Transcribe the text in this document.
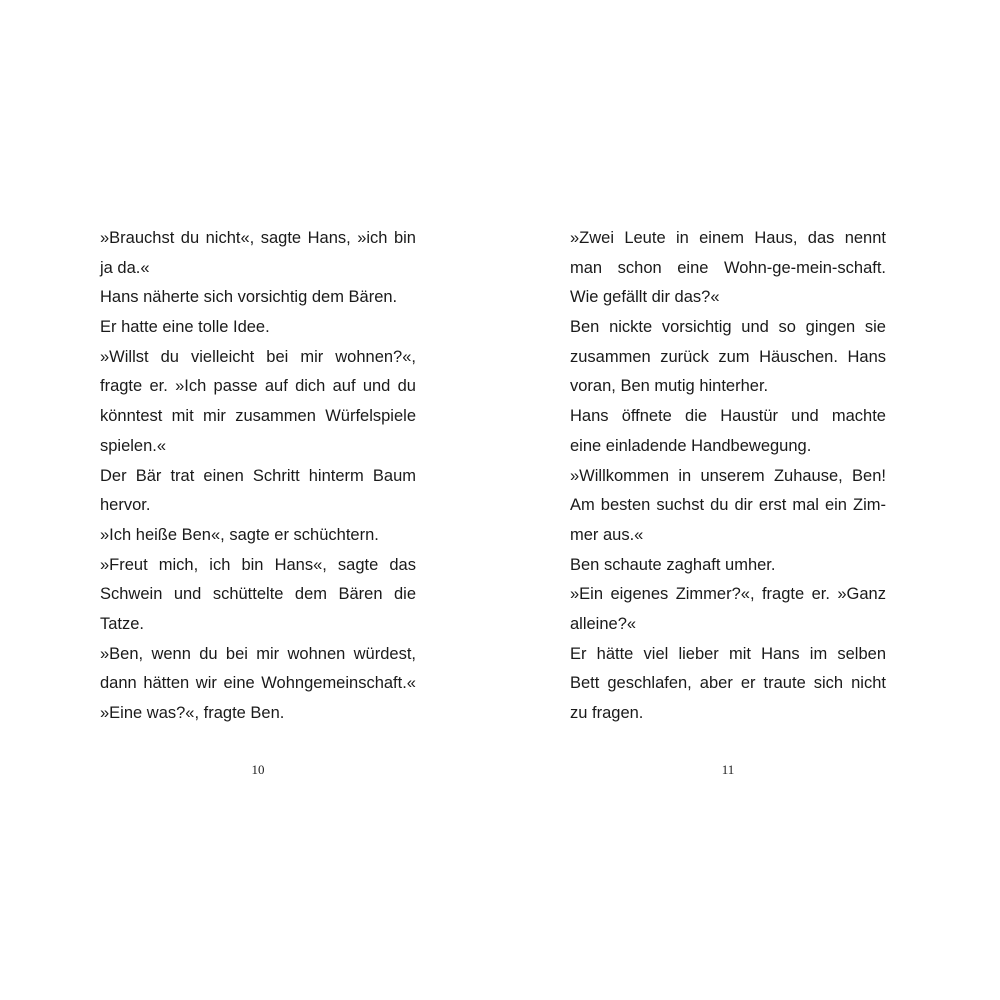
»Brauchst du nicht«, sagte Hans, »ich bin
ja da.«
Hans näherte sich vorsichtig dem Bären.
Er hatte eine tolle Idee.
»Willst du vielleicht bei mir wohnen?«,
fragte er. »Ich passe auf dich auf und du
könntest mit mir zusammen Würfelspiele
spielen.«
Der Bär trat einen Schritt hinterm Baum
hervor.
»Ich heiße Ben«, sagte er schüchtern.
»Freut mich, ich bin Hans«, sagte das
Schwein und schüttelte dem Bären die
Tatze.
»Ben, wenn du bei mir wohnen würdest,
dann hätten wir eine Wohngemeinschaft.«
»Eine was?«, fragte Ben.
»Zwei Leute in einem Haus, das nennt
man schon eine Wohn-ge-mein-schaft.
Wie gefällt dir das?«
Ben nickte vorsichtig und so gingen sie
zusammen zurück zum Häuschen. Hans
voran, Ben mutig hinterher.
Hans öffnete die Haustür und machte
eine einladende Handbewegung.
»Willkommen in unserem Zuhause, Ben!
Am besten suchst du dir erst mal ein Zim-
mer aus.«
Ben schaute zaghaft umher.
»Ein eigenes Zimmer?«, fragte er. »Ganz
alleine?«
Er hätte viel lieber mit Hans im selben
Bett geschlafen, aber er traute sich nicht
zu fragen.
10	11
